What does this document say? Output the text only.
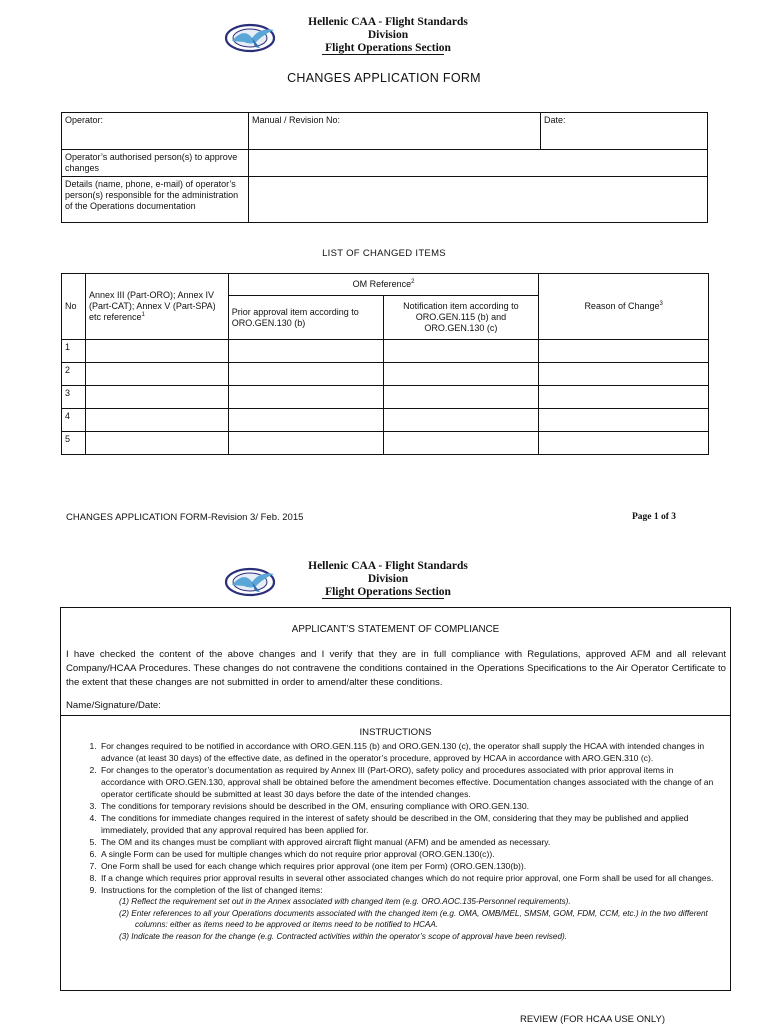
Hellenic CAA - Flight Standards Division
Flight Operations Section
CHANGES APPLICATION FORM
Operator:	Manual / Revision No:	Date:
Operator’s authorised person(s) to approve changes		
Details (name, phone, e-mail) of operator’s person(s) responsible for the administration of the Operations documentation		
LIST OF CHANGED ITEMS
No	Annex III (Part-ORO); Annex IV (Part-CAT); Annex V (Part-SPA) etc reference$^1$	OM Reference$^2$		Reason of Change$^3$
		Prior approval item according to ORO.GEN.130 (b)	Notification item according to ORO.GEN.115 (b) and ORO.GEN.130 (c)	
1				
2				
3				
4				
5				
CHANGES APPLICATION FORM-Revision 3/ Feb. 2015	Page 1 of 3
Hellenic CAA - Flight Standards Division
Flight Operations Section
APPLICANT’S STATEMENT OF COMPLIANCE
I have checked the content of the above changes and I verify that they are in full compliance with Regulations, approved AFM and all relevant Company/HCAA Procedures. These changes do not contravene the conditions contained in the Operations Specifications to the Air Operator Certificate to the extent that these changes are not submitted in order to amend/alter these conditions.
Name/Signature/Date:
INSTRUCTIONS
1. For changes required to be notified in accordance with ORO.GEN.115 (b) and ORO.GEN.130 (c), the operator shall supply the HCAA with intended changes in advance (at least 30 days) of the effective date, as defined in the operator’s procedure, approved by HCAA in accordance with ARO.GEN.310 (c).
2. For changes to the operator’s documentation as required by Annex III (Part-ORO), safety policy and procedures associated with prior approval items in accordance with ORO.GEN.130, approval shall be obtained before the amendment becomes effective. Documentation changes associated with the change of an operator certificate should be submitted at least 30 days before the date of the intended changes.
3. The conditions for temporary revisions should be described in the OM, ensuring compliance with ORO.GEN.130.
4. The conditions for immediate changes required in the interest of safety should be described in the OM, considering that they may be published and applied immediately, provided that any approval required has been applied for.
5. The OM and its changes must be compliant with approved aircraft flight manual (AFM) and be amended as necessary.
6. A single Form can be used for multiple changes which do not require prior approval (ORO.GEN.130(c)).
7. One Form shall be used for each change which requires prior approval (one item per Form) (ORO.GEN.130(b)).
8. If a change which requires prior approval results in several other associated changes which do not require prior approval, one Form shall be used for all changes.
9. Instructions for the completion of the list of changed items:
(1) Reflect the requirement set out in the Annex associated with changed item (e.g. ORO.AOC.135-Personnel requirements).
(2) Enter references to all your Operations documents associated with the changed item (e.g. OMA, OMB/MEL, SMSM, GOM, FDM, CCM, etc.) in the two different columns: either as items need to be approved or items need to be notified to HCAA.
(3) Indicate the reason for the change (e.g. Contracted activities within the operator’s scope of approval have been revised).
REVIEW (FOR HCAA USE ONLY)
